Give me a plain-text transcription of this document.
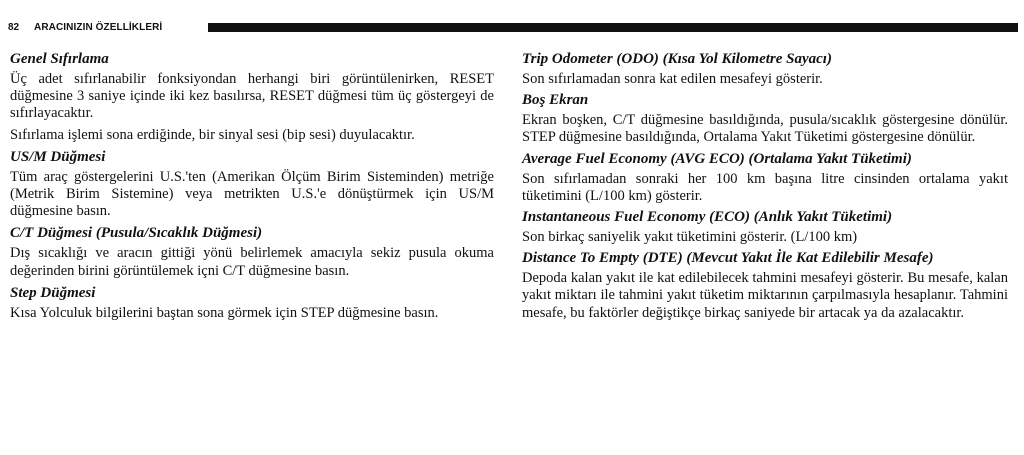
82 ARACINIZIN ÖZELLİKLERİ
Genel Sıfırlama

Üç adet sıfırlanabilir fonksiyondan herhangi biri görüntülenirken, RESET düğmesine 3 saniye içinde iki kez basılırsa, RESET düğmesi tüm üç göstergeyi de sıfırlayacaktır.

Sıfırlama işlemi sona erdiğinde, bir sinyal sesi (bip sesi) duyulacaktır.

US/M Düğmesi

Tüm araç göstergelerini U.S.'ten (Amerikan Ölçüm Birim Sisteminden) metriğe (Metrik Birim Sistemine) veya metrikten U.S.'e dönüştürmek için US/M düğmesine basın.

C/T Düğmesi (Pusula/Sıcaklık Düğmesi)

Dış sıcaklığı ve aracın gittiği yönü belirlemek amacıyla sekiz pusula okuma değerinden birini görüntülemek içni C/T düğmesine basın.

Step Düğmesi

Kısa Yolculuk bilgilerini baştan sona görmek için STEP düğmesine basın.

Trip Odometer (ODO) (Kısa Yol Kilometre Sayacı)

Son sıfırlamadan sonra kat edilen mesafeyi gösterir.

Boş Ekran

Ekran boşken, C/T düğmesine basıldığında, pusula/sıcaklık göstergesine dönülür. STEP düğmesine basıldığında, Ortalama Yakıt Tüketimi göstergesine dönülür.

Average Fuel Economy (AVG ECO) (Ortalama Yakıt Tüketimi)

Son sıfırlamadan sonraki her 100 km başına litre cinsinden ortalama yakıt tüketimini (L/100 km) gösterir.

Instantaneous Fuel Economy (ECO) (Anlık Yakıt Tüketimi)

Son birkaç saniyelik yakıt tüketimini gösterir. (L/100 km)

Distance To Empty (DTE) (Mevcut Yakıt İle Kat Edilebilir Mesafe)

Depoda kalan yakıt ile kat edilebilecek tahmini mesafeyi gösterir. Bu mesafe, kalan yakıt miktarı ile tahmini yakıt tüketim miktarının çarpılmasıyla hesaplanır. Tahmini mesafe, bu faktörler değiştikçe birkaç saniyede bir artacak ya da azalacaktır.
